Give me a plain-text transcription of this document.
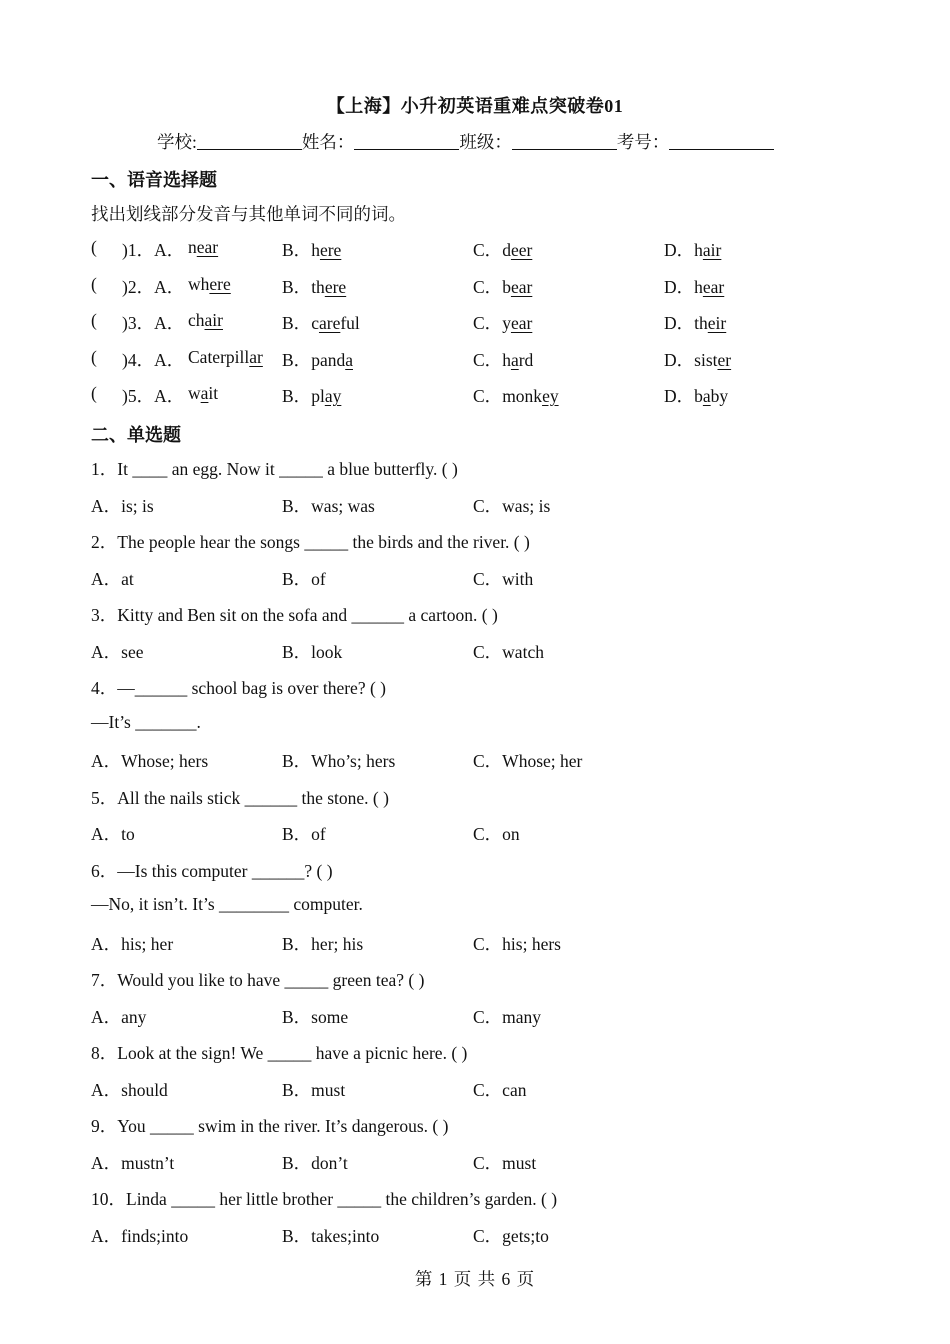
【上海】小升初英语重难点突破卷01
学校:	姓名：	班级：	考号：
一、语音选择题
找出划线部分发音与其他单词不同的词。
( )1．A． near	B．here	C．deer	D．hair
( )2．A． where	B．there	C．bear	D．hear
( )3．A． chair	B．careful	C．year	D．their
( )4．A． Caterpillar B．panda	C．hard	D．sister
( )5．A． wait	B．play	C．monkey	D．baby
二、单选题
1．It ____ an egg. Now it _____ a blue butterfly. ( )
A．is; is	B．was; was	C．was; is
2．The people hear the songs _____ the birds and the river. ( )
A．at	B．of	C．with
3．Kitty and Ben sit on the sofa and ______ a cartoon. ( )
A．see	B．look	C．watch
4．—______ school bag is over there? ( )
—It’s _______.
A．Whose; hers	B．Who’s; hers	C．Whose; her
5．All the nails stick ______ the stone. ( )
A．to	B．of	C．on
6．—Is this computer ______? ( )
—No, it isn’t. It’s ________ computer.
A．his; her	B．her; his	C．his; hers
7．Would you like to have _____ green tea? ( )
A．any	B．some	C．many
8．Look at the sign! We _____ have a picnic here. ( )
A．should	B．must	C．can
9．You _____ swim in the river. It’s dangerous. ( )
A．mustn’t	B．don’t	C．must
10．Linda _____ her little brother _____ the children’s garden. ( )
A．finds;into	B．takes;into	C．gets;to
第 1 页 共 6 页
